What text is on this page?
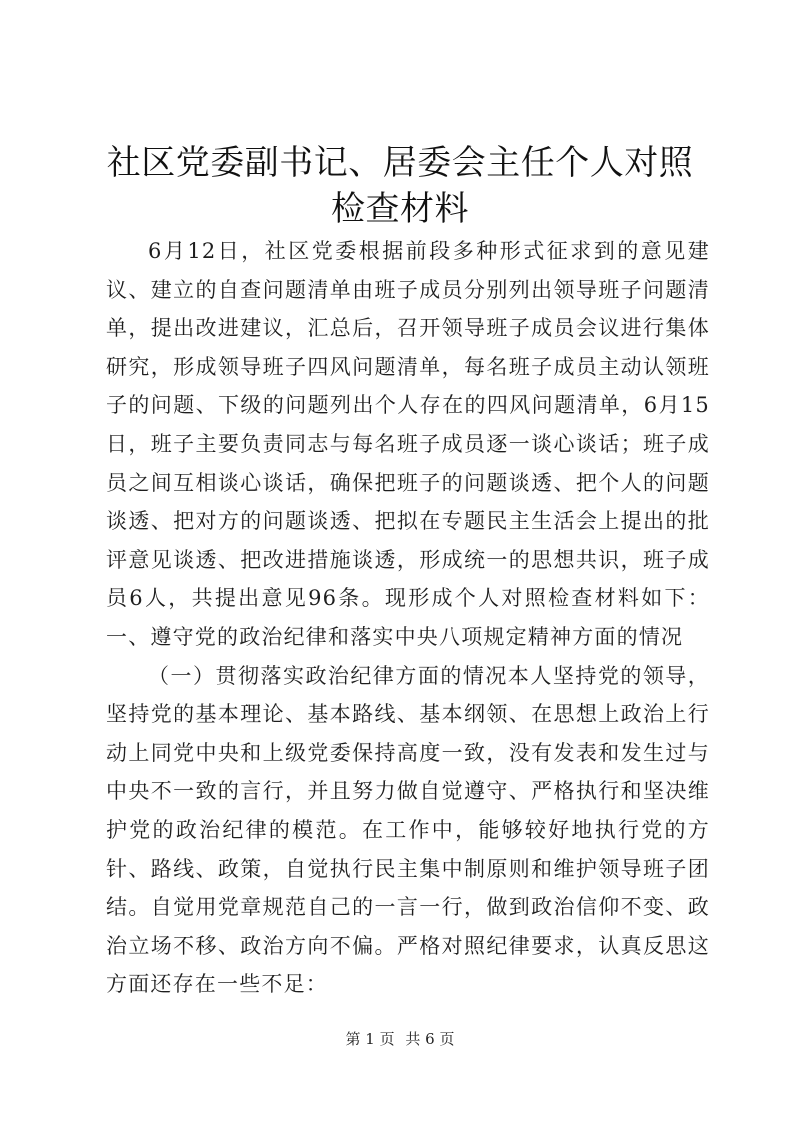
社区党委副书记、居委会主任个人对照检查材料

6月12日，社区党委根据前段多种形式征求到的意见建议、建立的自查问题清单由班子成员分别列出领导班子问题清单，提出改进建议，汇总后，召开领导班子成员会议进行集体研究，形成领导班子四风问题清单，每名班子成员主动认领班子的问题、下级的问题列出个人存在的四风问题清单，6月15日，班子主要负责同志与每名班子成员逐一谈心谈话；班子成员之间互相谈心谈话，确保把班子的问题谈透、把个人的问题谈透、把对方的问题谈透、把拟在专题民主生活会上提出的批评意见谈透、把改进措施谈透，形成统一的思想共识，班子成员6人，共提出意见96条。现形成个人对照检查材料如下：一、遵守党的政治纪律和落实中央八项规定精神方面的情况

（一）贯彻落实政治纪律方面的情况本人坚持党的领导，坚持党的基本理论、基本路线、基本纲领、在思想上政治上行动上同党中央和上级党委保持高度一致，没有发表和发生过与中央不一致的言行，并且努力做自觉遵守、严格执行和坚决维护党的政治纪律的模范。在工作中，能够较好地执行党的方针、路线、政策，自觉执行民主集中制原则和维护领导班子团结。自觉用党章规范自己的一言一行，做到政治信仰不变、政治立场不移、政治方向不偏。严格对照纪律要求，认真反思这方面还存在一些不足：

第 1 页 共 6 页
